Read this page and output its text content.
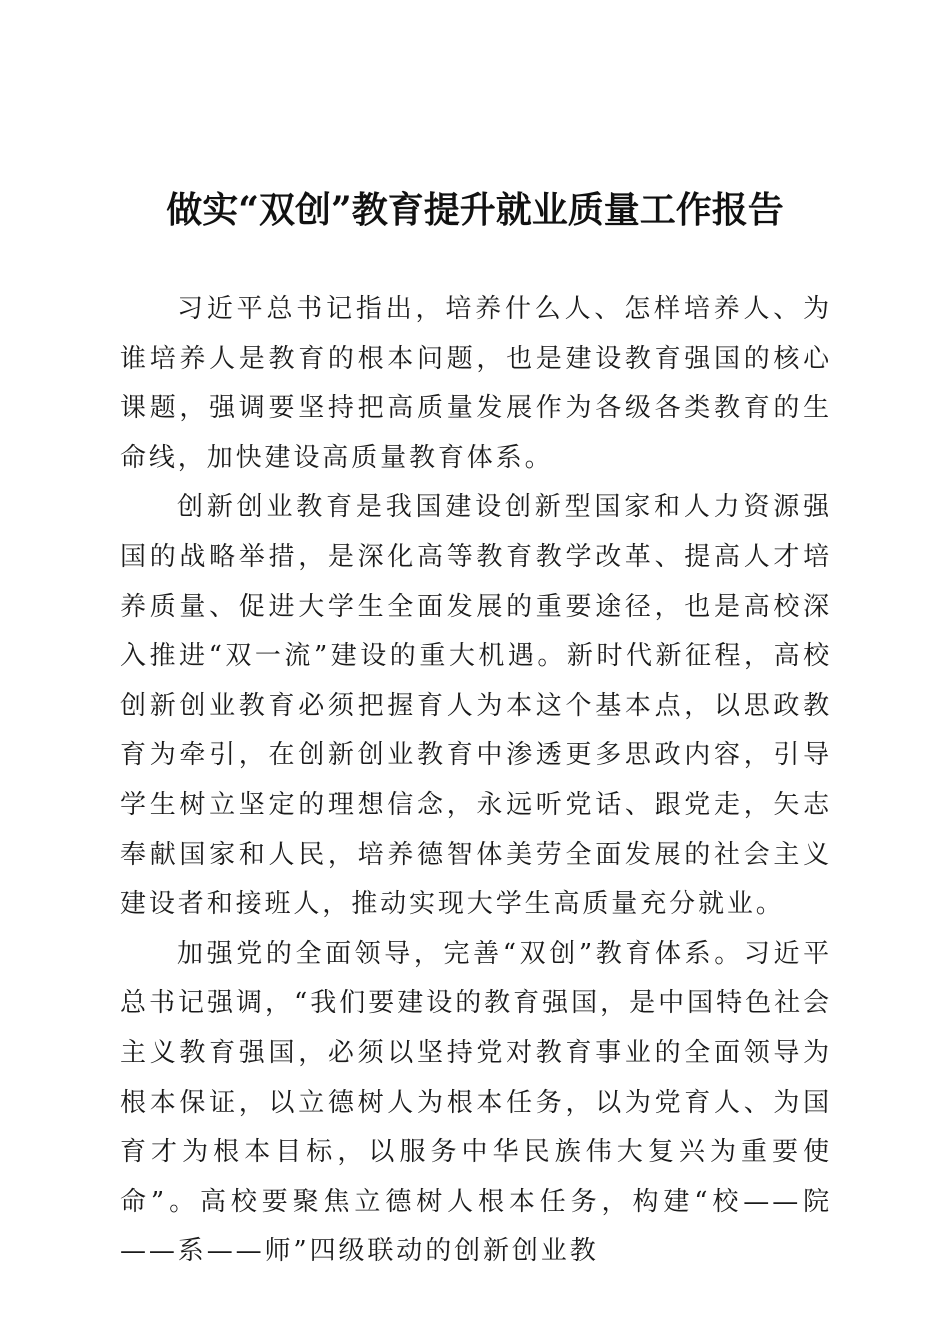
做实“双创”教育提升就业质量工作报告

习近平总书记指出，培养什么人、怎样培养人、为谁培养人是教育的根本问题，也是建设教育强国的核心课题，强调要坚持把高质量发展作为各级各类教育的生命线，加快建设高质量教育体系。

创新创业教育是我国建设创新型国家和人力资源强国的战略举措，是深化高等教育教学改革、提高人才培养质量、促进大学生全面发展的重要途径，也是高校深入推进“双一流”建设的重大机遇。新时代新征程，高校创新创业教育必须把握育人为本这个基本点，以思政教育为牵引，在创新创业教育中渗透更多思政内容，引导学生树立坚定的理想信念，永远听党话、跟党走，矢志奉献国家和人民，培养德智体美劳全面发展的社会主义建设者和接班人，推动实现大学生高质量充分就业。

加强党的全面领导，完善“双创”教育体系。习近平总书记强调，“我们要建设的教育强国，是中国特色社会主义教育强国，必须以坚持党对教育事业的全面领导为根本保证，以立德树人为根本任务，以为党育人、为国育才为根本目标，以服务中华民族伟大复兴为重要使命”。高校要聚焦立德树人根本任务，构建“校——院——系——师”四级联动的创新创业教
